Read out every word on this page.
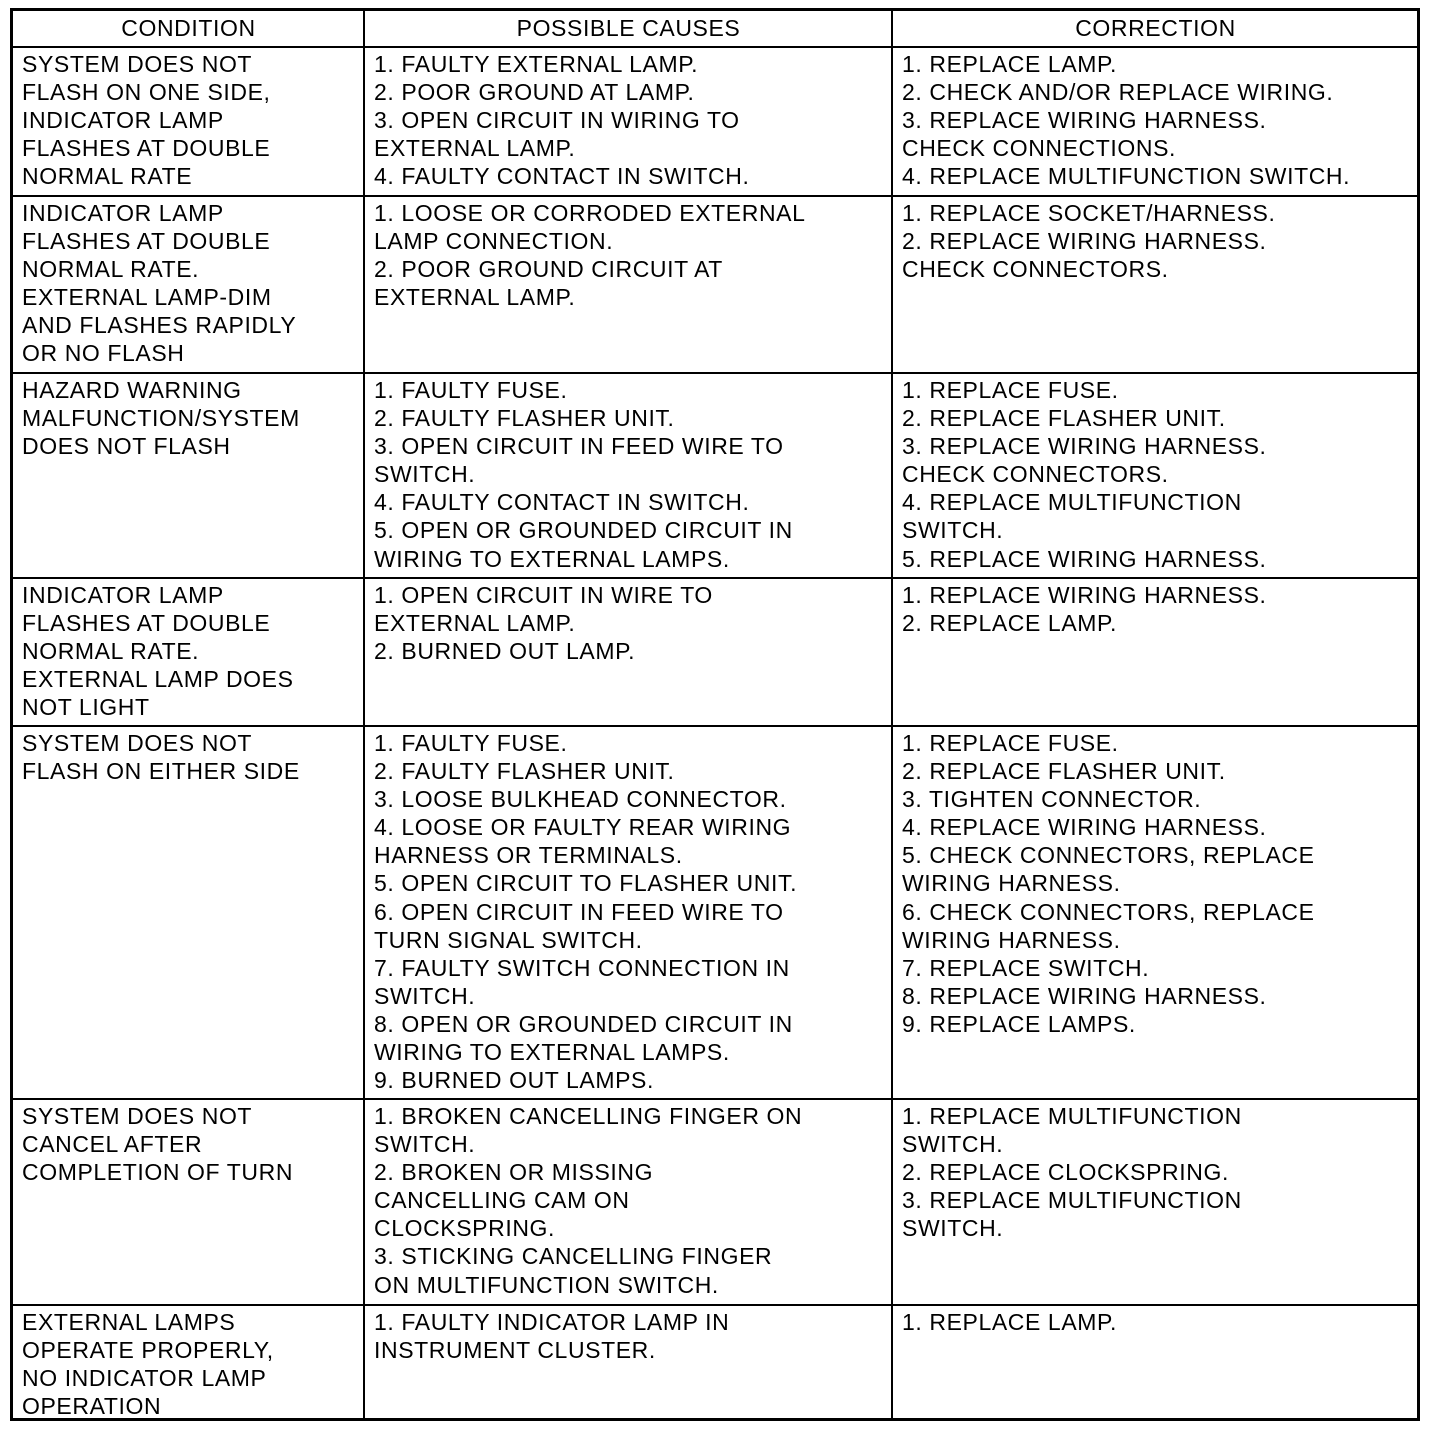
CONDITION	POSSIBLE CAUSES	CORRECTION
SYSTEM DOES NOT
FLASH ON ONE SIDE,
INDICATOR LAMP
FLASHES AT DOUBLE
NORMAL RATE
1. FAULTY EXTERNAL LAMP.
2. POOR GROUND AT LAMP.
3. OPEN CIRCUIT IN WIRING TO
EXTERNAL LAMP.
4. FAULTY CONTACT IN SWITCH.
1. REPLACE LAMP.
2. CHECK AND/OR REPLACE WIRING.
3. REPLACE WIRING HARNESS.
CHECK CONNECTIONS.
4. REPLACE MULTIFUNCTION SWITCH.
INDICATOR LAMP
FLASHES AT DOUBLE
NORMAL RATE.
EXTERNAL LAMP-DIM
AND FLASHES RAPIDLY
OR NO FLASH
1. LOOSE OR CORRODED EXTERNAL
LAMP CONNECTION.
2. POOR GROUND CIRCUIT AT
EXTERNAL LAMP.
1. REPLACE SOCKET/HARNESS.
2. REPLACE WIRING HARNESS.
CHECK CONNECTORS.
HAZARD WARNING
MALFUNCTION/SYSTEM
DOES NOT FLASH
1. FAULTY FUSE.
2. FAULTY FLASHER UNIT.
3. OPEN CIRCUIT IN FEED WIRE TO
SWITCH.
4. FAULTY CONTACT IN SWITCH.
5. OPEN OR GROUNDED CIRCUIT IN
WIRING TO EXTERNAL LAMPS.
1. REPLACE FUSE.
2. REPLACE FLASHER UNIT.
3. REPLACE WIRING HARNESS.
CHECK CONNECTORS.
4. REPLACE MULTIFUNCTION
SWITCH.
5. REPLACE WIRING HARNESS.
INDICATOR LAMP
FLASHES AT DOUBLE
NORMAL RATE.
EXTERNAL LAMP DOES
NOT LIGHT
1. OPEN CIRCUIT IN WIRE TO
EXTERNAL LAMP.
2. BURNED OUT LAMP.
1. REPLACE WIRING HARNESS.
2. REPLACE LAMP.
SYSTEM DOES NOT
FLASH ON EITHER SIDE
1. FAULTY FUSE.
2. FAULTY FLASHER UNIT.
3. LOOSE BULKHEAD CONNECTOR.
4. LOOSE OR FAULTY REAR WIRING
HARNESS OR TERMINALS.
5. OPEN CIRCUIT TO FLASHER UNIT.
6. OPEN CIRCUIT IN FEED WIRE TO
TURN SIGNAL SWITCH.
7. FAULTY SWITCH CONNECTION IN
SWITCH.
8. OPEN OR GROUNDED CIRCUIT IN
WIRING TO EXTERNAL LAMPS.
9. BURNED OUT LAMPS.
1. REPLACE FUSE.
2. REPLACE FLASHER UNIT.
3. TIGHTEN CONNECTOR.
4. REPLACE WIRING HARNESS.
5. CHECK CONNECTORS, REPLACE
WIRING HARNESS.
6. CHECK CONNECTORS, REPLACE
WIRING HARNESS.
7. REPLACE SWITCH.
8. REPLACE WIRING HARNESS.
9. REPLACE LAMPS.
SYSTEM DOES NOT
CANCEL AFTER
COMPLETION OF TURN
1. BROKEN CANCELLING FINGER ON
SWITCH.
2. BROKEN OR MISSING
CANCELLING CAM ON
CLOCKSPRING.
3. STICKING CANCELLING FINGER
ON MULTIFUNCTION SWITCH.
1. REPLACE MULTIFUNCTION
SWITCH.
2. REPLACE CLOCKSPRING.
3. REPLACE MULTIFUNCTION
SWITCH.
EXTERNAL LAMPS
OPERATE PROPERLY,
NO INDICATOR LAMP
OPERATION
1. FAULTY INDICATOR LAMP IN
INSTRUMENT CLUSTER.
1. REPLACE LAMP.
